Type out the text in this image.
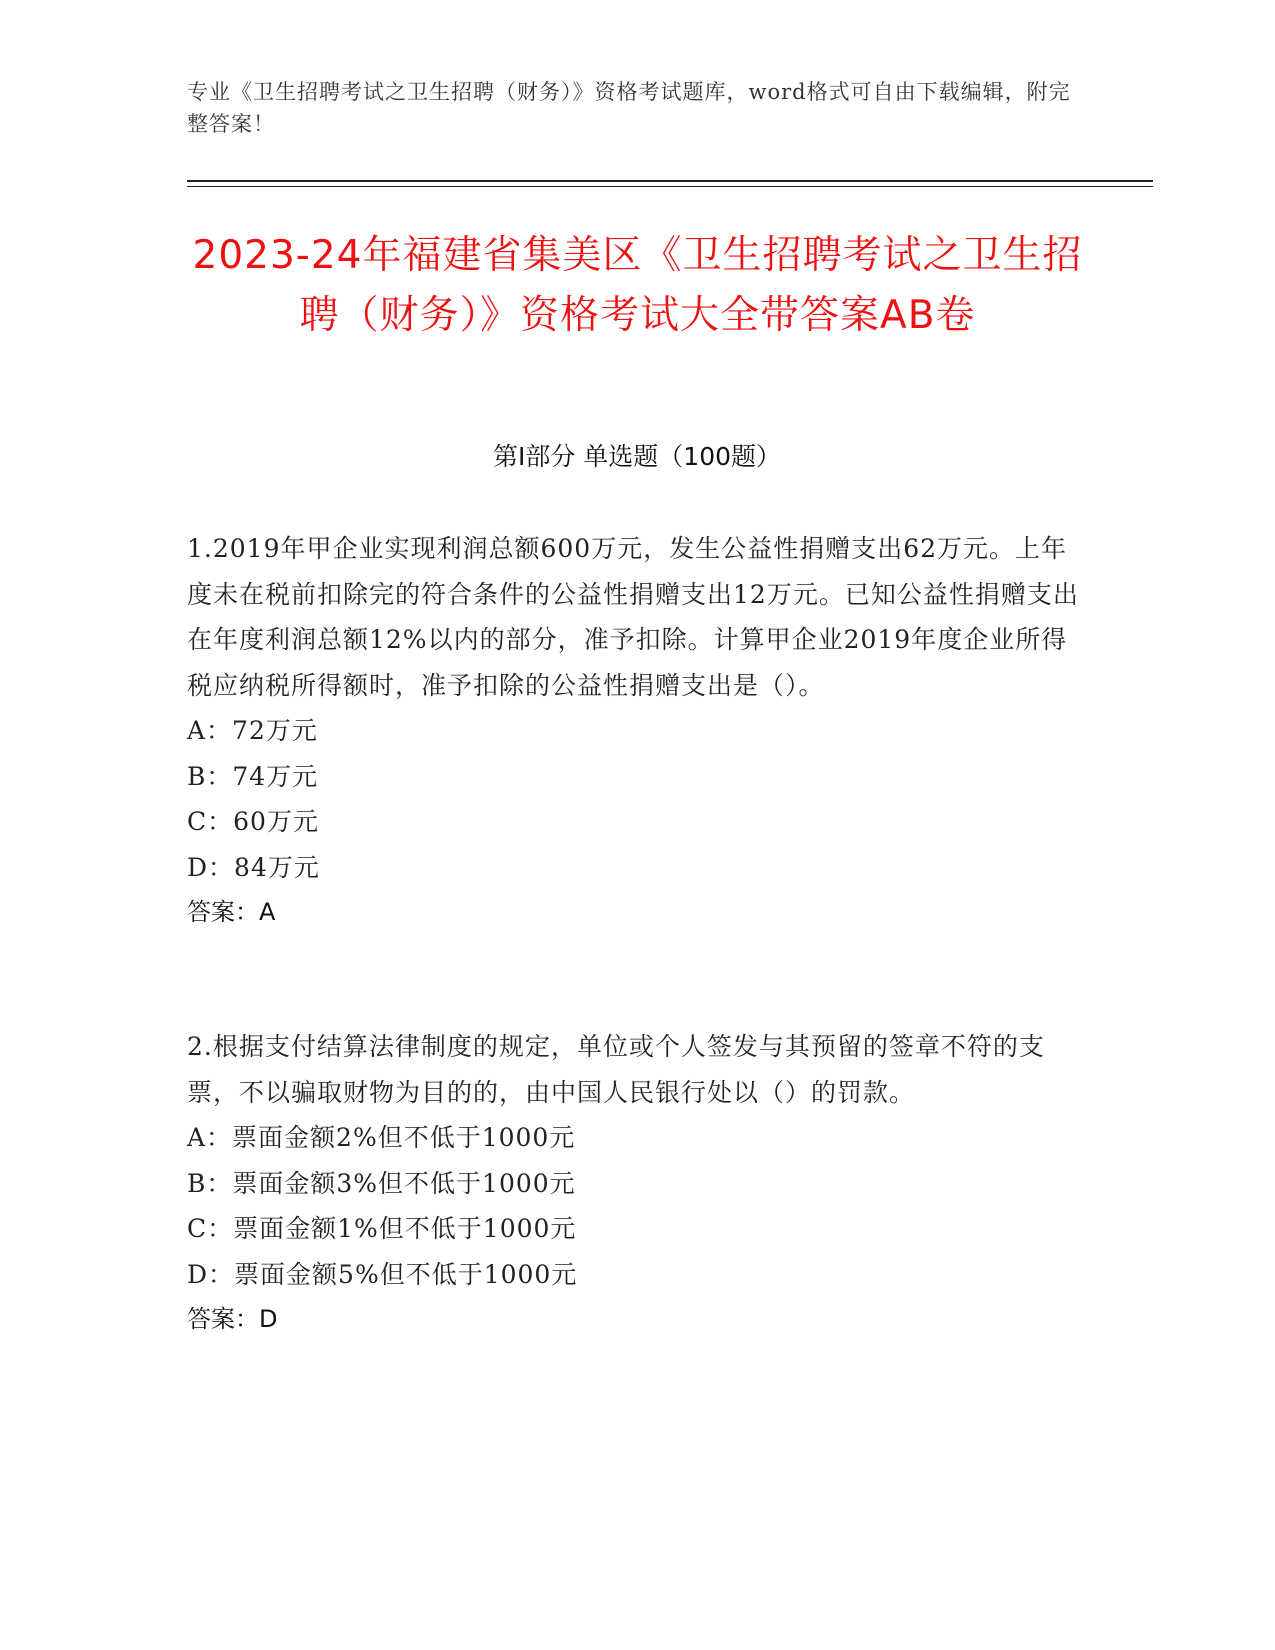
专业《卫生招聘考试之卫生招聘（财务）》资格考试题库，word格式可自由下载编辑，附完整答案！
2023-24年福建省集美区《卫生招聘考试之卫生招聘（财务）》资格考试大全带答案AB卷
第Ⅰ部分 单选题（100题）

1.2019年甲企业实现利润总额600万元，发生公益性捐赠支出62万元。上年度未在税前扣除完的符合条件的公益性捐赠支出12万元。已知公益性捐赠支出在年度利润总额12%以内的部分，准予扣除。计算甲企业2019年度企业所得税应纳税所得额时，准予扣除的公益性捐赠支出是（）。

A：72万元

B：74万元

C：60万元

D：84万元

答案：A

2.根据支付结算法律制度的规定，单位或个人签发与其预留的签章不符的支票，不以骗取财物为目的的，由中国人民银行处以（）的罚款。

A：票面金额2%但不低于1000元

B：票面金额3%但不低于1000元

C：票面金额1%但不低于1000元

D：票面金额5%但不低于1000元

答案：D
